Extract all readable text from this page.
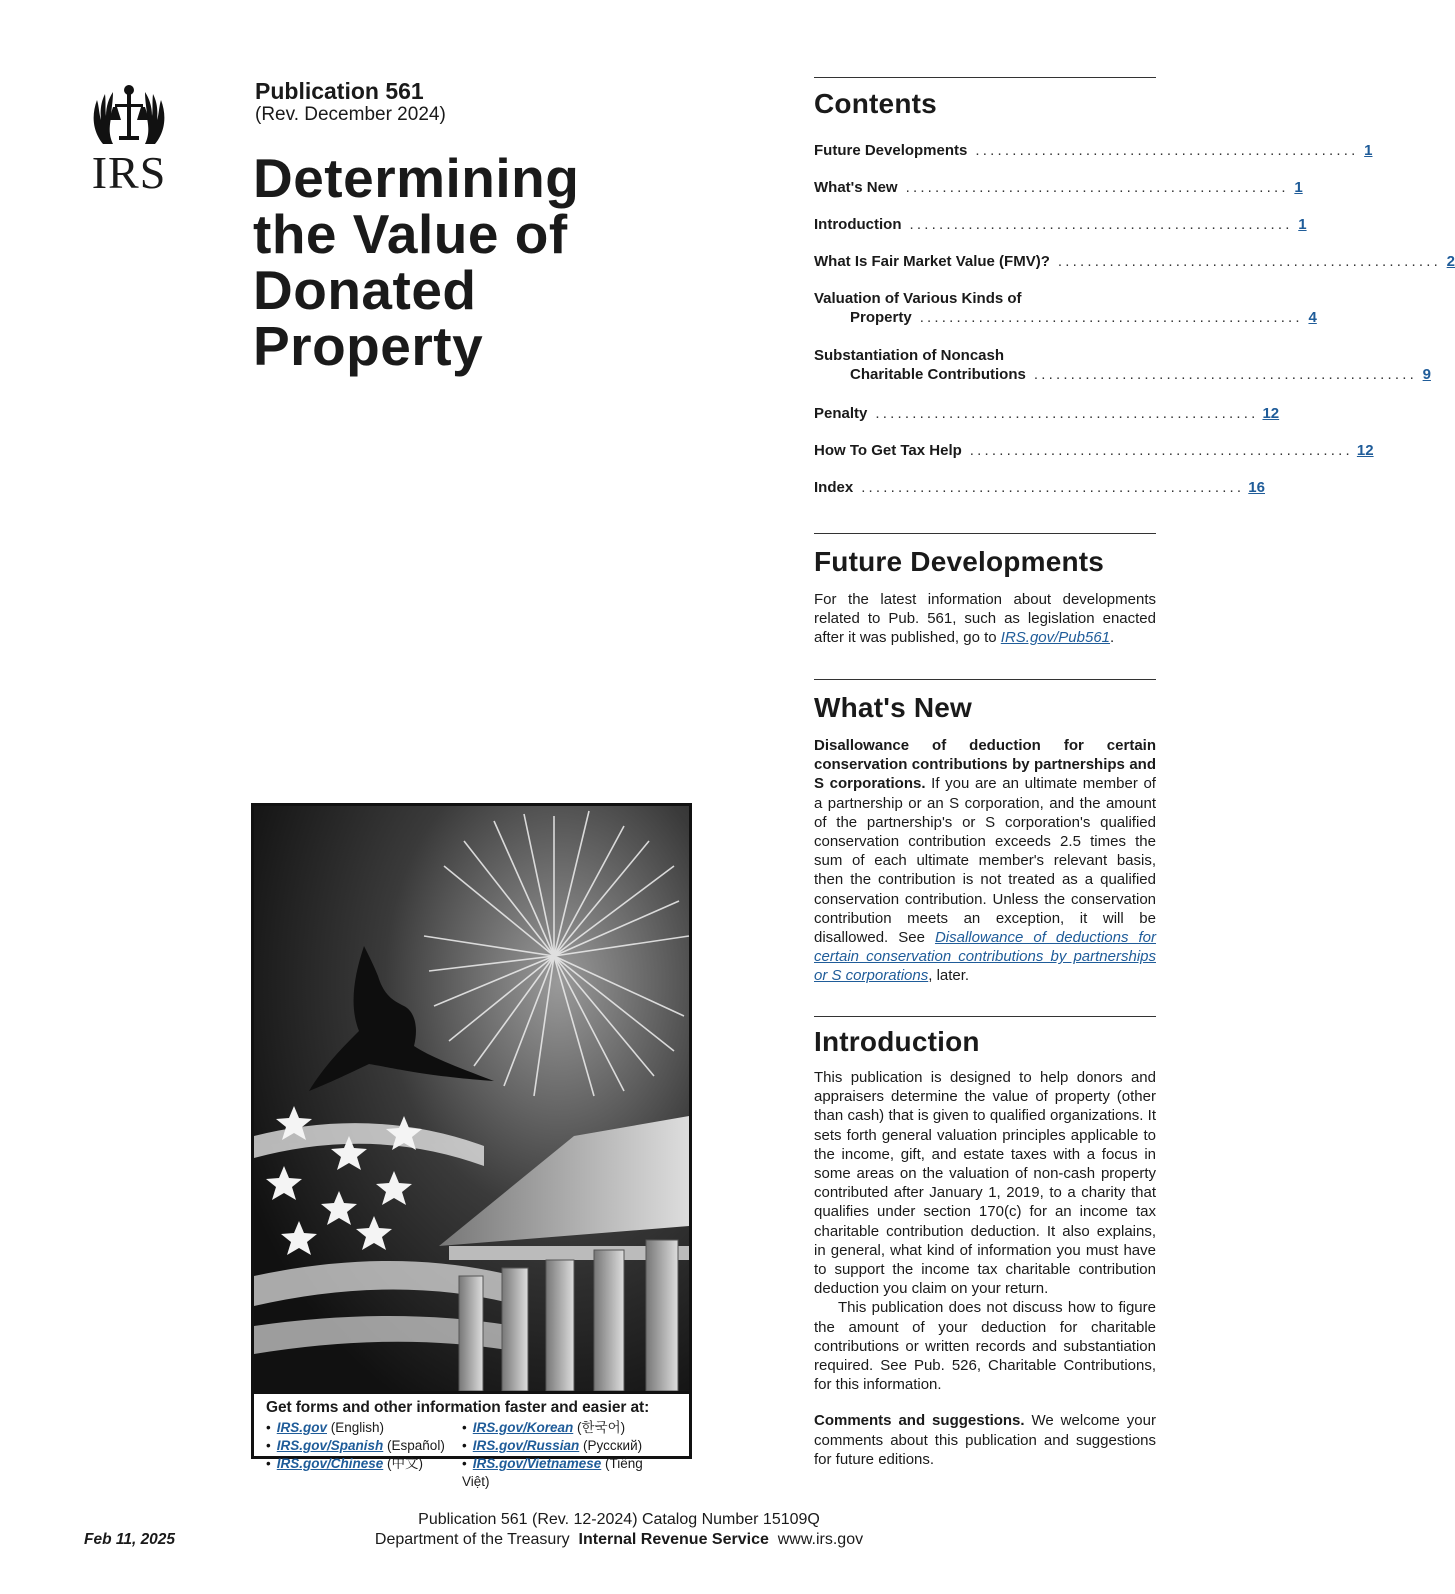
IRS
Publication 561
(Rev. December 2024)
Determining
the Value of
Donated
Property
Contents
Future Developments .................................................... 1
What's New .................................................... 1
Introduction .................................................... 1
What Is Fair Market Value (FMV)? .................................................... 2
Valuation of Various Kinds of
Property .................................................... 4
Substantiation of Noncash
Charitable Contributions .................................................... 9
Penalty .................................................... 12
How To Get Tax Help .................................................... 12
Index .................................................... 16
Future Developments

For the latest information about developments related to Pub. 561, such as legislation enacted after it was published, go to IRS.gov/Pub561.

What's New

Disallowance of deduction for certain conservation contributions by partnerships and S corporations. If you are an ultimate member of a partnership or an S corporation, and the amount of the partnership's or S corporation's qualified conservation contribution exceeds 2.5 times the sum of each ultimate member's relevant basis, then the contribution is not treated as a qualified conservation contribution. Unless the conservation contribution meets an exception, it will be disallowed. See Disallowance of deductions for certain conservation contributions by partnerships or S corporations, later.

Introduction

This publication is designed to help donors and appraisers determine the value of property (other than cash) that is given to qualified organizations. It sets forth general valuation principles applicable to the income, gift, and estate taxes with a focus in some areas on the valuation of non-cash property contributed after January 1, 2019, to a charity that qualifies under section 170(c) for an income tax charitable contribution deduction. It also explains, in general, what kind of information you must have to support the income tax charitable contribution deduction you claim on your return.

This publication does not discuss how to figure the amount of your deduction for charitable contributions or written records and substantiation required. See Pub. 526, Charitable Contributions, for this information.

Comments and suggestions. We welcome your comments about this publication and suggestions for future editions.

Get forms and other information faster and easier at:
• IRS.gov (English)	• IRS.gov/Korean (한국어)
• IRS.gov/Spanish (Español)	• IRS.gov/Russian (Pусский)
• IRS.gov/Chinese (中文)	• IRS.gov/Vietnamese (Tiếng Việt)
Publication 561 (Rev. 12-2024) Catalog Number 15109Q
Department of the Treasury Internal Revenue Service www.irs.gov
Feb 11, 2025
